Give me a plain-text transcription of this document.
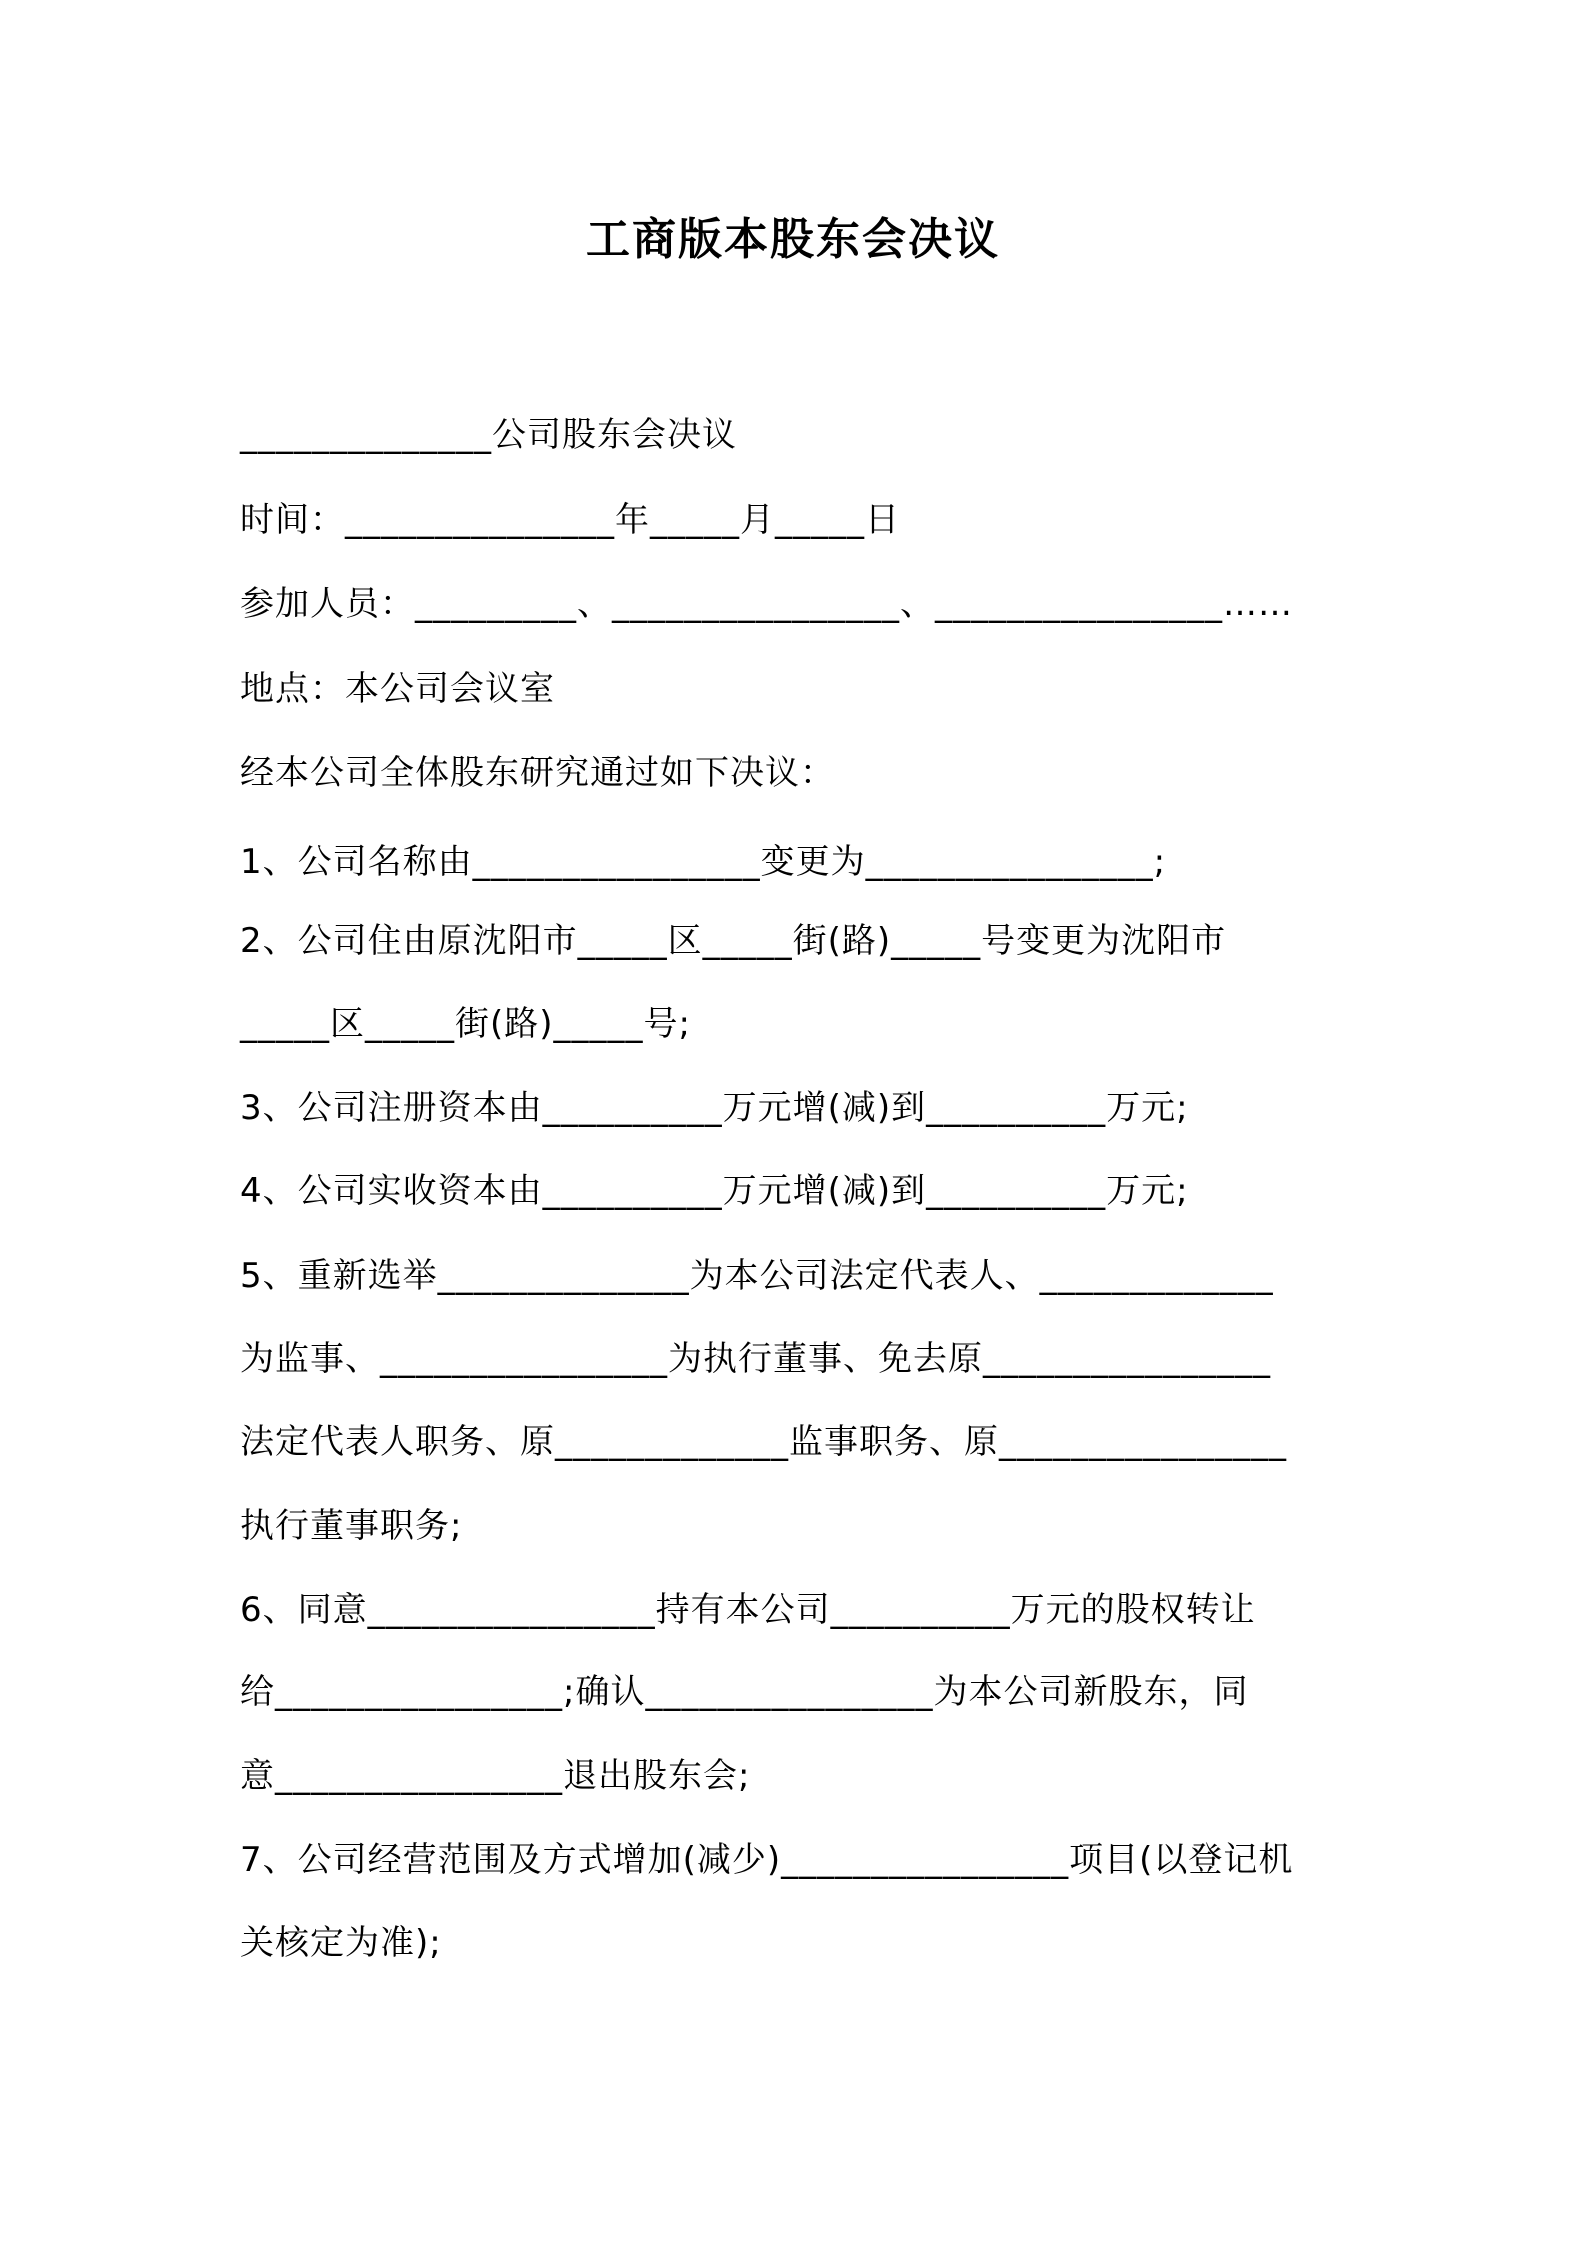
工商版本股东会决议
______________公司股东会决议
时间：_______________年_____月_____日
参加人员：_________、________________、________________……
地点：本公司会议室
经本公司全体股东研究通过如下决议：
1、公司名称由________________变更为________________;
2、公司住由原沈阳市_____区_____街(路)_____号变更为沈阳市
_____区_____街(路)_____号;
3、公司注册资本由__________万元增(减)到__________万元;
4、公司实收资本由__________万元增(减)到__________万元;
5、重新选举______________为本公司法定代表人、_____________
为监事、________________为执行董事、免去原________________
法定代表人职务、原_____________监事职务、原________________
执行董事职务;
6、同意________________持有本公司__________万元的股权转让
给________________;确认________________为本公司新股东，同
意________________退出股东会;
7、公司经营范围及方式增加(减少)________________项目(以登记机
关核定为准);
